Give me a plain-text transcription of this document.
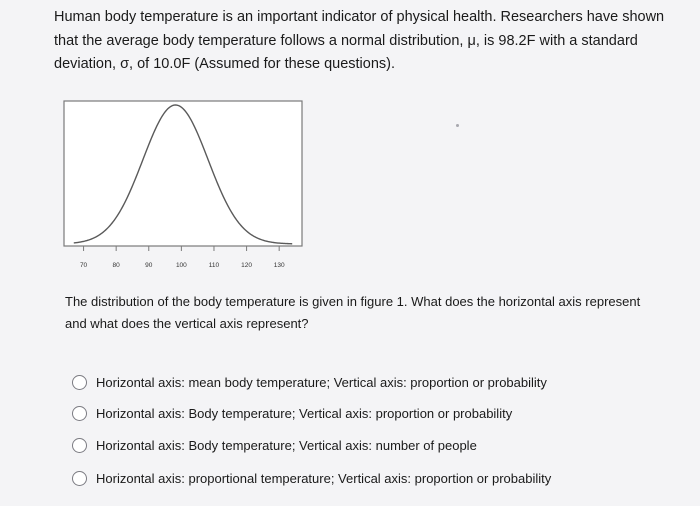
Human body temperature is an important indicator of physical health. Researchers have shown that the average body temperature follows a normal distribution, μ, is 98.2F with a standard deviation, σ, of 10.0F (Assumed for these questions).
70	80	90	100	110	120	130
The distribution of the body temperature is given in figure 1. What does the horizontal axis represent and what does the vertical axis represent?
Horizontal axis: mean body temperature; Vertical axis: proportion or probability
Horizontal axis: Body temperature; Vertical axis: proportion or probability
Horizontal axis: Body temperature; Vertical axis: number of people
Horizontal axis: proportional temperature; Vertical axis: proportion or probability
